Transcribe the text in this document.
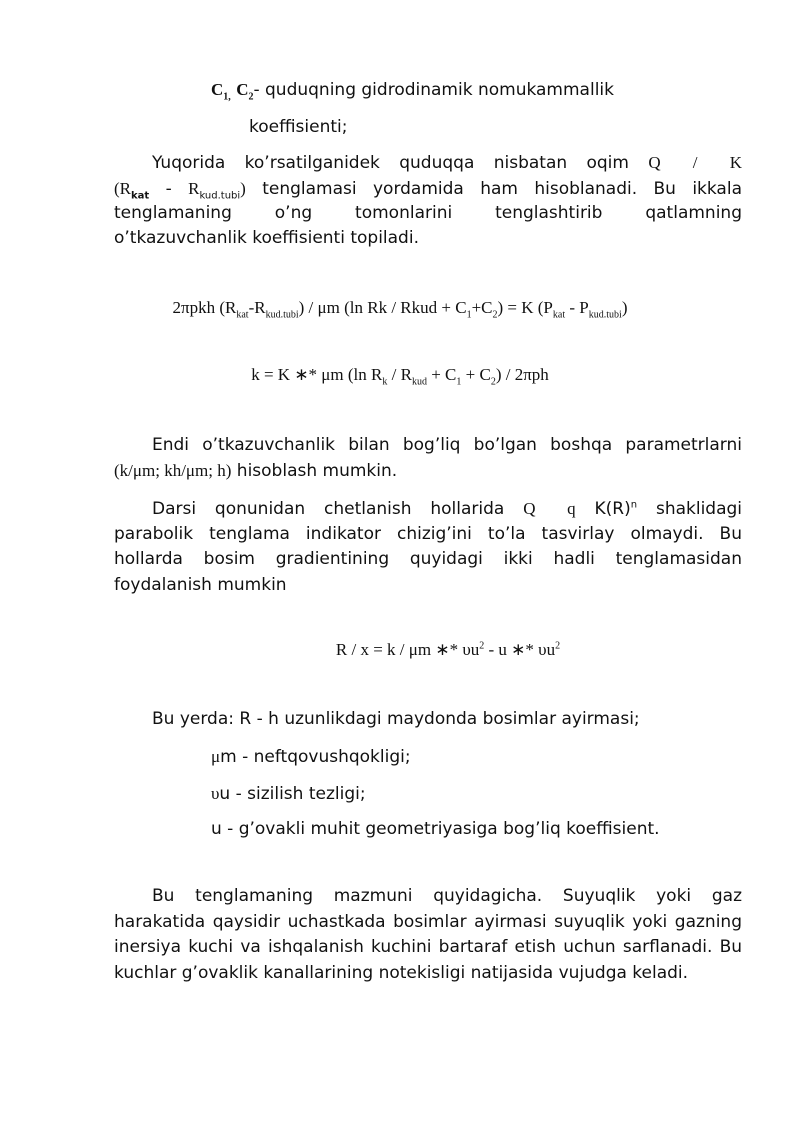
$C_{1,}$ $C_2-$ quduqning gidrodinamik nomukammallik
koeffisienti;

Yuqorida ko’rsatilganidek quduqqa nisbatan oqim Q / K

$(R_{kat} - R_{kud.tubi})$ tenglamasi yordamida ham hisoblanadi. Bu ikkala

tenglamaning o’ng tomonlarini tenglashtirib qatlamning

o’tkazuvchanlik koeffisienti topiladi.

2πpkh $(R_{kat}-R_{kud.tubi})$ / μm (ln Rk / Rkud + $C_1+C_2) = K$ $(P_{kat} - P_{kud.tubi})$
k = K ∗* μm (ln $R_k / R_{kud} + C_1 + C_2) / 2\pi ph$

Endi o’tkazuvchanlik bilan bog’liq bo’lgan boshqa parametrlarni

(k/μm; kh/μm; h) hisoblash mumkin.

Darsi qonunidan chetlanish hollarida Q q $K(R)^n$ shaklidagi

parabolik tenglama indikator chizig’ini to’la tasvirlay olmaydi. Bu

hollarda bosim gradientining quyidagi ikki hadli tenglamasidan

foydalanish mumkin

R / x = k / μm ∗* $\upsilon u^2$ - u ∗* $\upsilon u^2$
Bu yerda: R - h uzunlikdagi maydonda bosimlar ayirmasi;
μm - neftqovushqokligi;
υu - sizilish tezligi;
u - g’ovakli muhit geometriyasiga bog’liq koeffisient.

Bu tenglamaning mazmuni quyidagicha. Suyuqlik yoki gaz

harakatida qaysidir uchastkada bosimlar ayirmasi suyuqlik yoki gazning

inersiya kuchi va ishqalanish kuchini bartaraf etish uchun sarflanadi. Bu

kuchlar g’ovaklik kanallarining notekisligi natijasida vujudga keladi.
